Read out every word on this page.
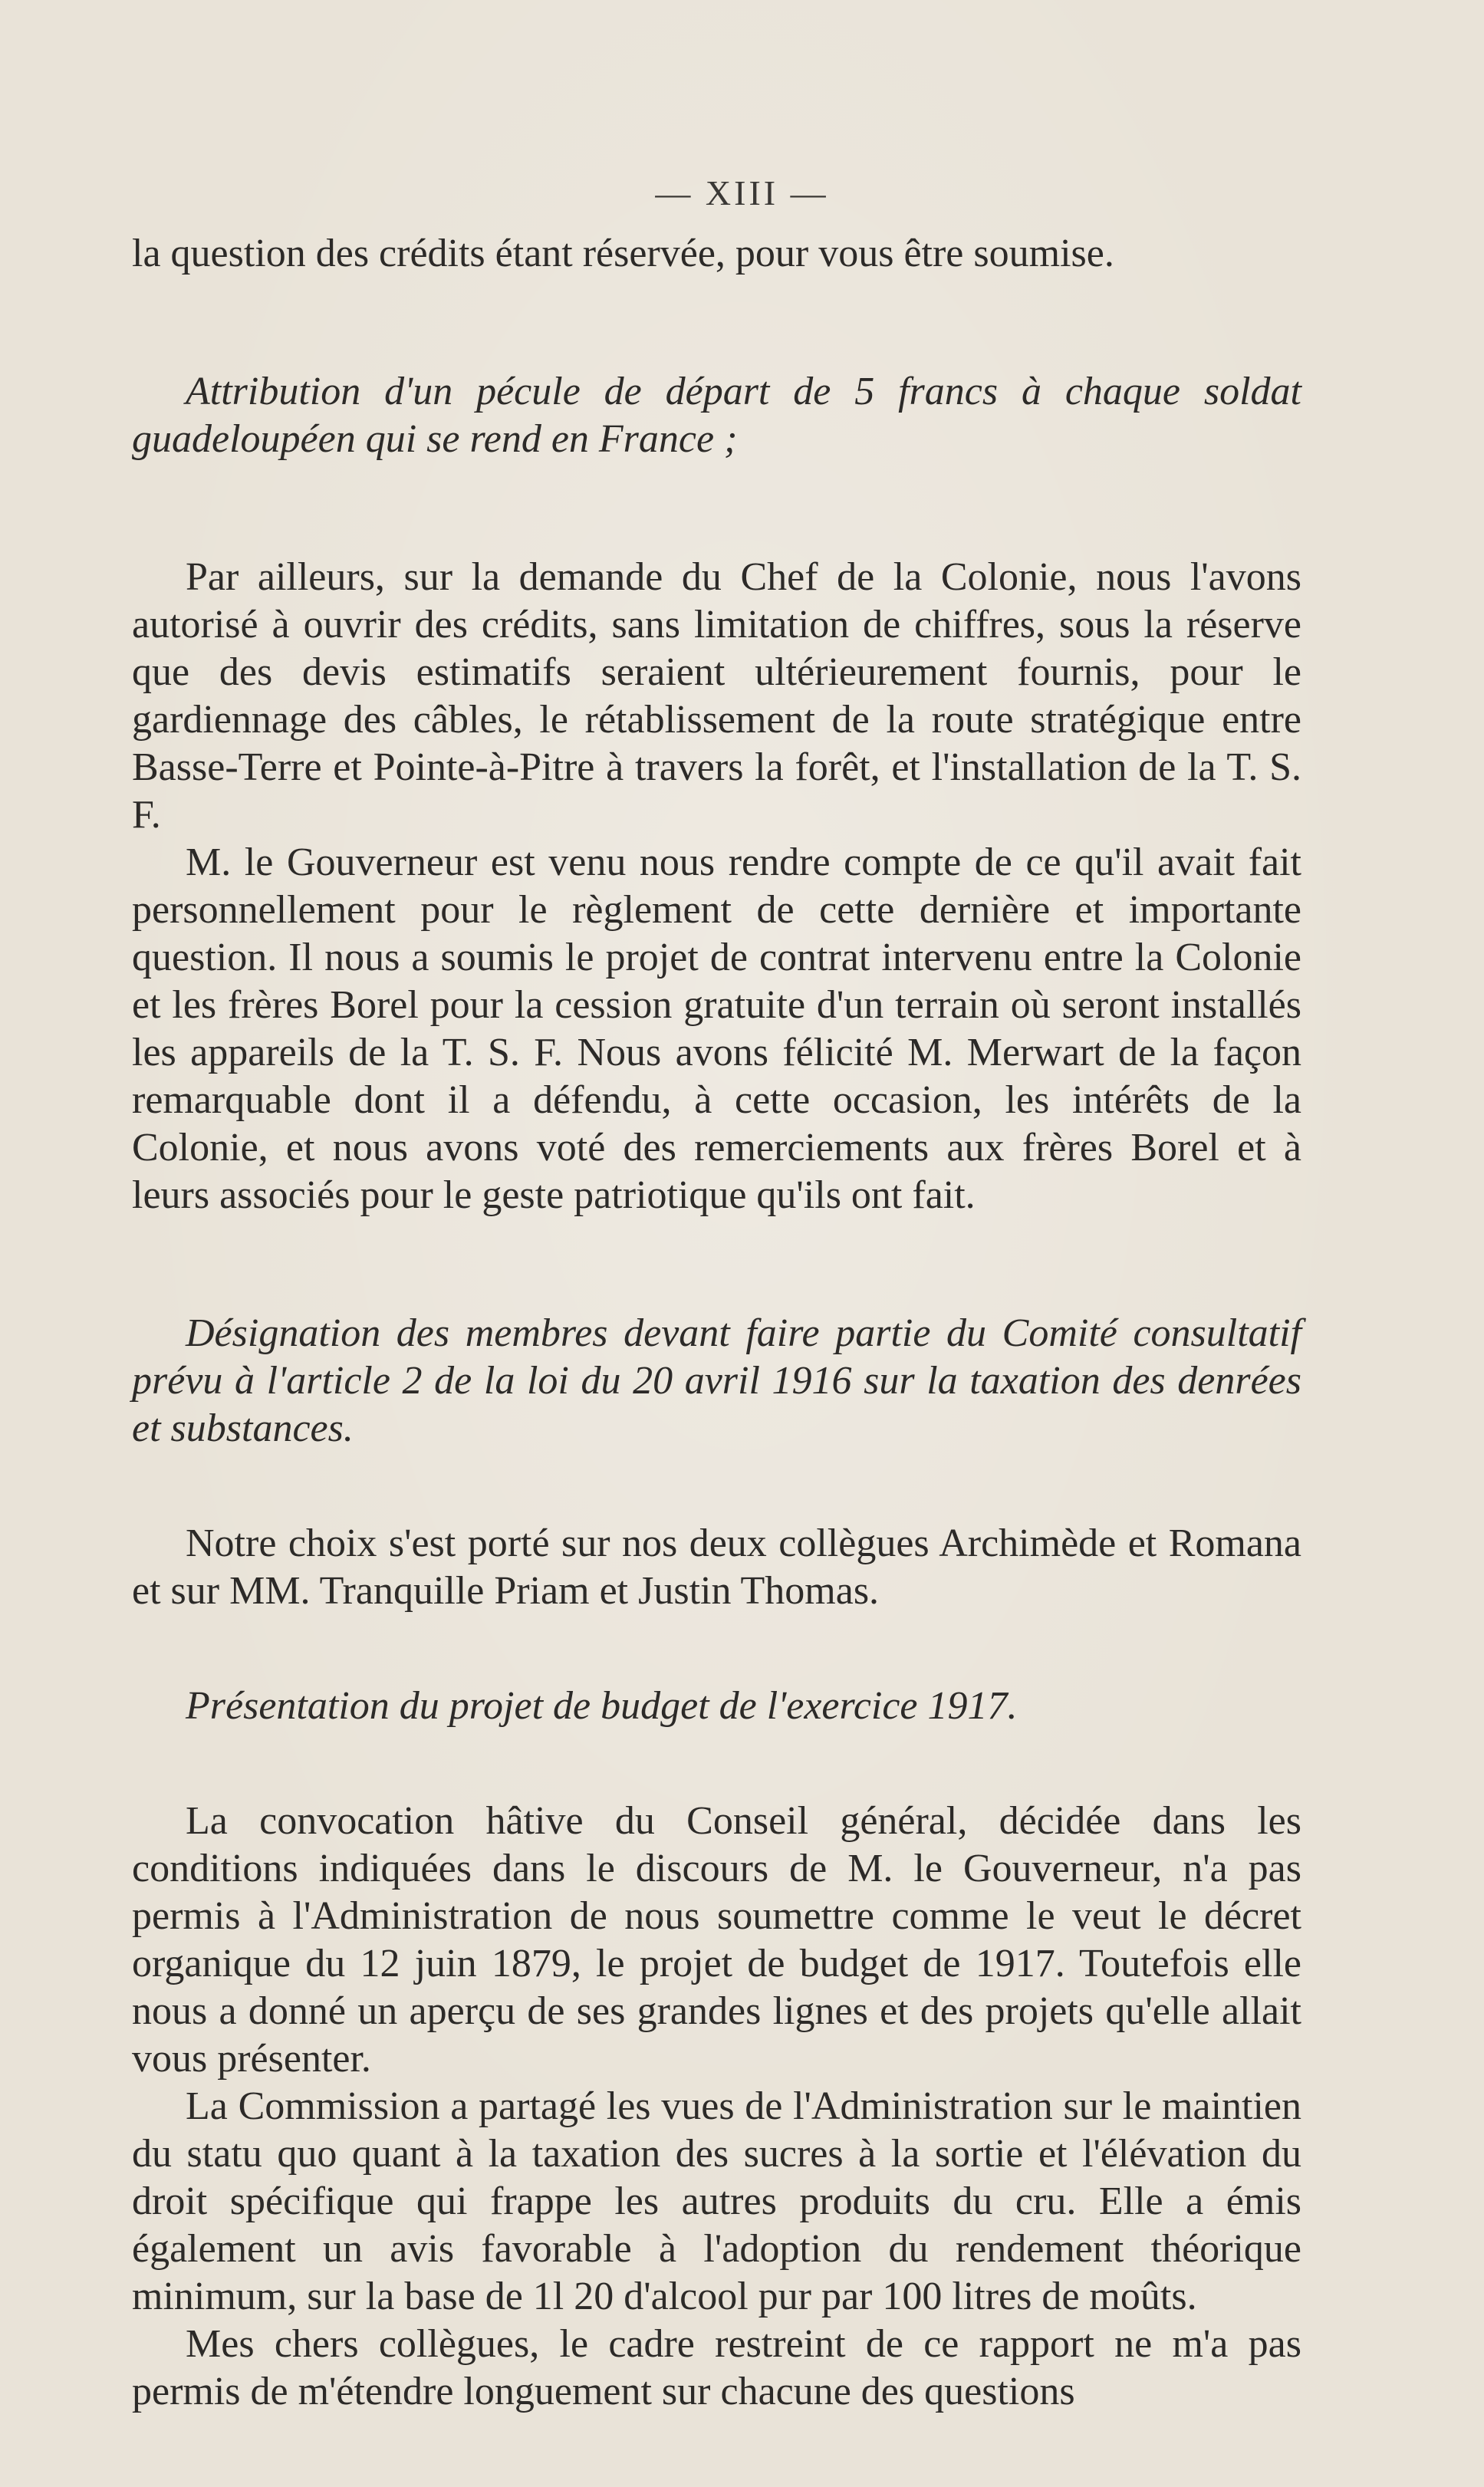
— XIII —

la question des crédits étant réservée, pour vous être soumise.

Attribution d'un pécule de départ de 5 francs à chaque soldat guadeloupéen qui se rend en France ;

Par ailleurs, sur la demande du Chef de la Colonie, nous l'avons autorisé à ouvrir des crédits, sans limitation de chiffres, sous la réserve que des devis estimatifs seraient ultérieurement fournis, pour le gardiennage des câbles, le rétablissement de la route stratégique entre Basse-Terre et Pointe-à-Pitre à travers la forêt, et l'installation de la T. S. F.

M. le Gouverneur est venu nous rendre compte de ce qu'il avait fait personnellement pour le règlement de cette dernière et importante question. Il nous a soumis le projet de contrat intervenu entre la Colonie et les frères Borel pour la cession gratuite d'un terrain où seront installés les appareils de la T. S. F. Nous avons félicité M. Merwart de la façon remarquable dont il a défendu, à cette occasion, les intérêts de la Colonie, et nous avons voté des remerciements aux frères Borel et à leurs associés pour le geste patriotique qu'ils ont fait.

Désignation des membres devant faire partie du Comité consultatif prévu à l'article 2 de la loi du 20 avril 1916 sur la taxation des denrées et substances.

Notre choix s'est porté sur nos deux collègues Archimède et Romana et sur MM. Tranquille Priam et Justin Thomas.

Présentation du projet de budget de l'exercice 1917.

La convocation hâtive du Conseil général, décidée dans les conditions indiquées dans le discours de M. le Gouverneur, n'a pas permis à l'Administration de nous soumettre comme le veut le décret organique du 12 juin 1879, le projet de budget de 1917. Toutefois elle nous a donné un aperçu de ses grandes lignes et des projets qu'elle allait vous présenter.

La Commission a partagé les vues de l'Administration sur le maintien du statu quo quant à la taxation des sucres à la sortie et l'élévation du droit spécifique qui frappe les autres produits du cru. Elle a émis également un avis favorable à l'adoption du rendement théorique minimum, sur la base de 1l 20 d'alcool pur par 100 litres de moûts.

Mes chers collègues, le cadre restreint de ce rapport ne m'a pas permis de m'étendre longuement sur chacune des questions
